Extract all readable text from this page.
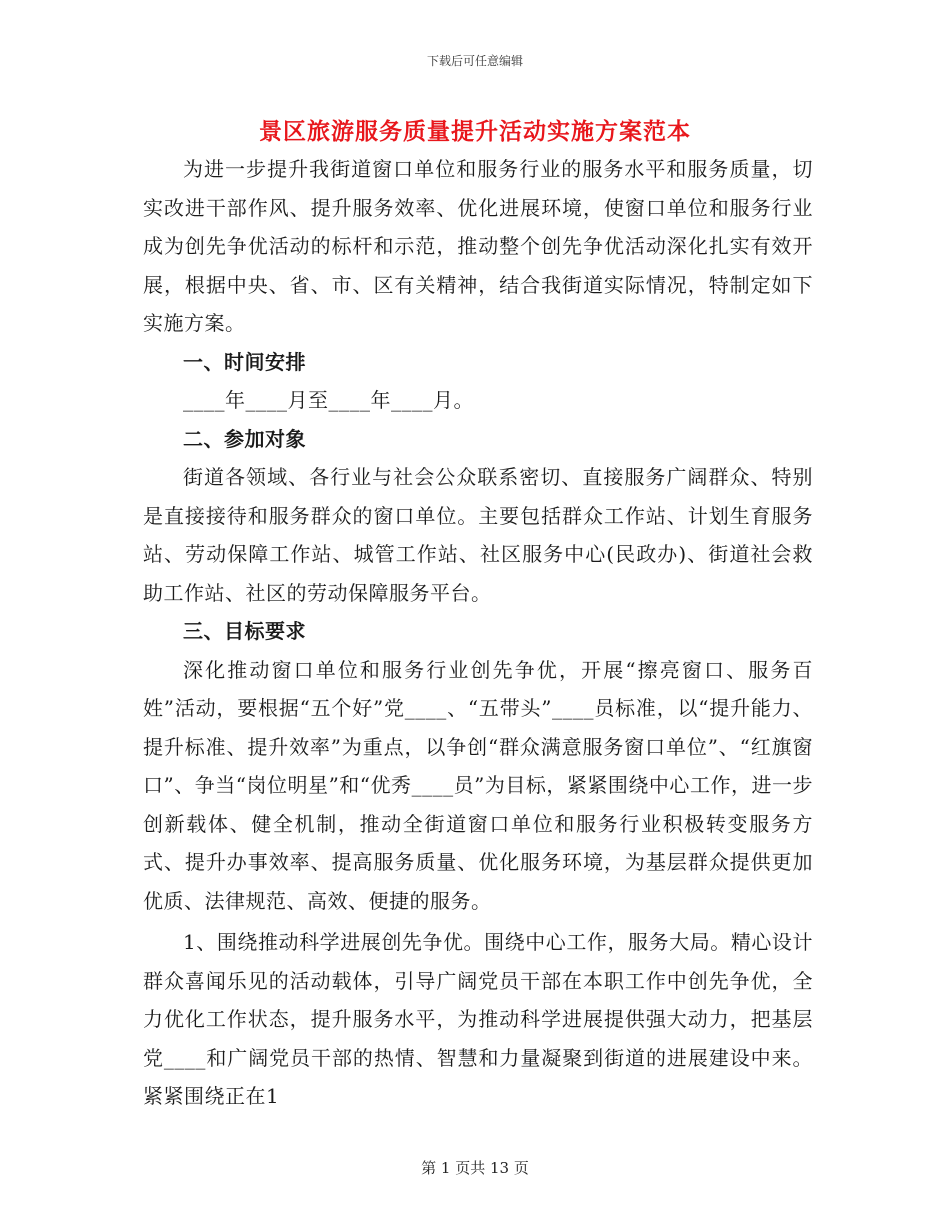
下载后可任意编辑
景区旅游服务质量提升活动实施方案范本

为进一步提升我街道窗口单位和服务行业的服务水平和服务质量，切实改进干部作风、提升服务效率、优化进展环境，使窗口单位和服务行业成为创先争优活动的标杆和示范，推动整个创先争优活动深化扎实有效开展，根据中央、省、市、区有关精神，结合我街道实际情况，特制定如下实施方案。

一、时间安排

____年____月至____年____月。

二、参加对象

街道各领域、各行业与社会公众联系密切、直接服务广阔群众、特别是直接接待和服务群众的窗口单位。主要包括群众工作站、计划生育服务站、劳动保障工作站、城管工作站、社区服务中心(民政办)、街道社会救助工作站、社区的劳动保障服务平台。

三、目标要求

深化推动窗口单位和服务行业创先争优，开展“擦亮窗口、服务百姓”活动，要根据“五个好”党____、“五带头”____员标准，以“提升能力、提升标准、提升效率”为重点，以争创“群众满意服务窗口单位”、“红旗窗口”、争当“岗位明星”和“优秀____员”为目标，紧紧围绕中心工作，进一步创新载体、健全机制，推动全街道窗口单位和服务行业积极转变服务方式、提升办事效率、提高服务质量、优化服务环境，为基层群众提供更加优质、法律规范、高效、便捷的服务。

1、围绕推动科学进展创先争优。围绕中心工作，服务大局。精心设计群众喜闻乐见的活动载体，引导广阔党员干部在本职工作中创先争优，全力优化工作状态，提升服务水平，为推动科学进展提供强大动力，把基层党____和广阔党员干部的热情、智慧和力量凝聚到街道的进展建设中来。紧紧围绕正在1

第 1 页共 13 页
